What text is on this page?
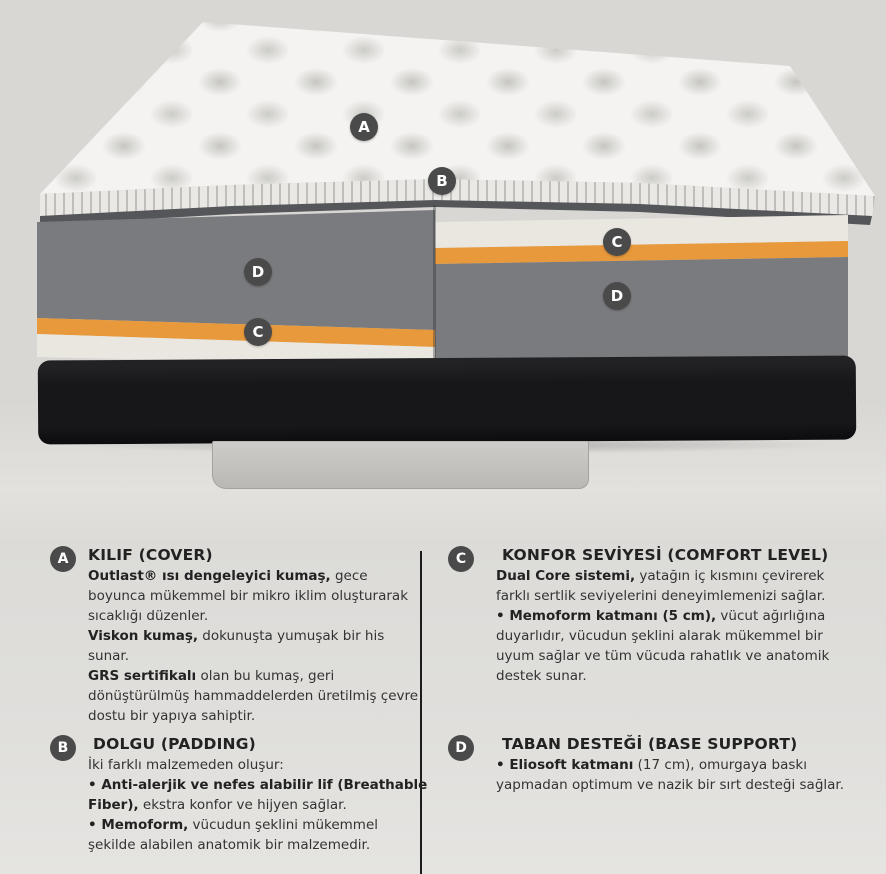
A
B
C
D
D
C
A	KILIF (COVER)

Outlast® ısı dengeleyici kumaş, gece boyunca mükemmel bir mikro iklim oluşturarak sıcaklığı düzenler.

Viskon kumaş, dokunuşta yumuşak bir his sunar.

GRS sertifikalı olan bu kumaş, geri dönüştürülmüş hammaddelerden üretilmiş çevre dostu bir yapıya sahiptir.

B	DOLGU (PADDING)

İki farklı malzemeden oluşur:

• Anti-alerjik ve nefes alabilir lif (Breathable Fiber), ekstra konfor ve hijyen sağlar.

• Memoform, vücudun şeklini mükemmel şekilde alabilen anatomik bir malzemedir.

C	KONFOR SEVİYESİ (COMFORT LEVEL)

Dual Core sistemi, yatağın iç kısmını çevirerek farklı sertlik seviyelerini deneyimlemenizi sağlar.

• Memoform katmanı (5 cm), vücut ağırlığına duyarlıdır, vücudun şeklini alarak mükemmel bir uyum sağlar ve tüm vücuda rahatlık ve anatomik destek sunar.

D	TABAN DESTEĞİ (BASE SUPPORT)

• Eliosoft katmanı (17 cm), omurgaya baskı yapmadan optimum ve nazik bir sırt desteği sağlar.
